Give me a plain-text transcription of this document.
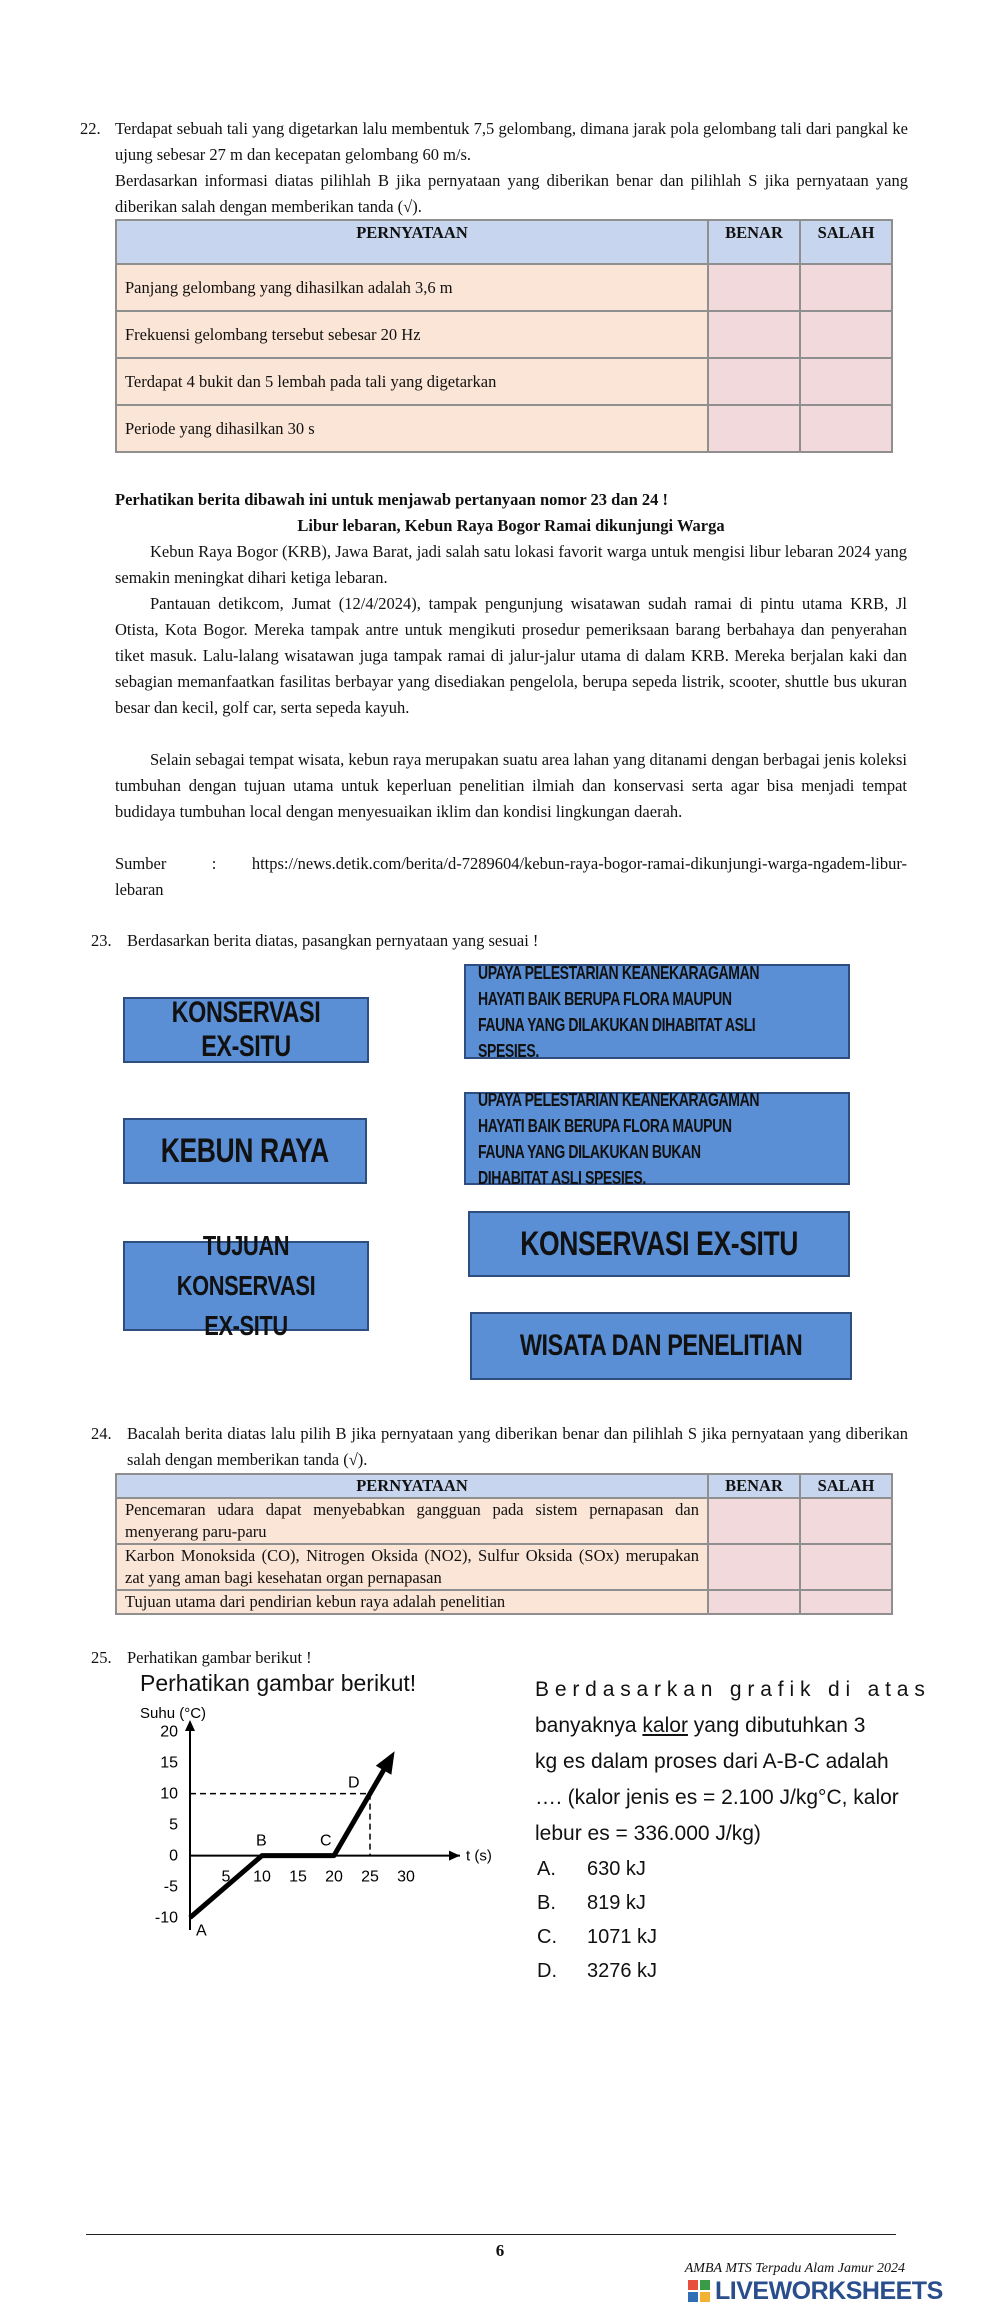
22. Terdapat sebuah tali yang digetarkan lalu membentuk 7,5 gelombang, dimana jarak pola gelombang tali dari pangkal ke ujung sebesar 27 m dan kecepatan gelombang 60 m/s.
Berdasarkan informasi diatas pilihlah B jika pernyataan yang diberikan benar dan pilihlah S jika pernyataan yang diberikan salah dengan memberikan tanda (√).
PERNYATAAN	BENAR	SALAH
Panjang gelombang yang dihasilkan adalah 3,6 m		
Frekuensi gelombang tersebut sebesar 20 Hz		
Terdapat 4 bukit dan 5 lembah pada tali yang digetarkan		
Periode yang dihasilkan 30 s		
Perhatikan berita dibawah ini untuk menjawab pertanyaan nomor 23 dan 24 !
Libur lebaran, Kebun Raya Bogor Ramai dikunjungi Warga
Kebun Raya Bogor (KRB), Jawa Barat, jadi salah satu lokasi favorit warga untuk mengisi libur lebaran 2024 yang semakin meningkat dihari ketiga lebaran.
Pantauan detikcom, Jumat (12/4/2024), tampak pengunjung wisatawan sudah ramai di pintu utama KRB, Jl Otista, Kota Bogor. Mereka tampak antre untuk mengikuti prosedur pemeriksaan barang berbahaya dan penyerahan tiket masuk. Lalu-lalang wisatawan juga tampak ramai di jalur-jalur utama di dalam KRB. Mereka berjalan kaki dan sebagian memanfaatkan fasilitas berbayar yang disediakan pengelola, berupa sepeda listrik, scooter, shuttle bus ukuran besar dan kecil, golf car, serta sepeda kayuh.
Selain sebagai tempat wisata, kebun raya merupakan suatu area lahan yang ditanami dengan berbagai jenis koleksi tumbuhan dengan tujuan utama untuk keperluan penelitian ilmiah dan konservasi serta agar bisa menjadi tempat budidaya tumbuhan local dengan menyesuaikan iklim dan kondisi lingkungan daerah.
Sumber	: https://news.detik.com/berita/d-7289604/kebun-raya-bogor-ramai-dikunjungi-warga-ngadem-libur-lebaran
23. Berdasarkan berita diatas, pasangkan pernyataan yang sesuai !
KONSERVASI EX-SITU
KEBUN RAYA
TUJUAN KONSERVASI EX-SITU
UPAYA PELESTARIAN KEANEKARAGAMAN HAYATI BAIK BERUPA FLORA MAUPUN FAUNA YANG DILAKUKAN DIHABITAT ASLI SPESIES.
UPAYA PELESTARIAN KEANEKARAGAMAN HAYATI BAIK BERUPA FLORA MAUPUN FAUNA YANG DILAKUKAN BUKAN DIHABITAT ASLI SPESIES.
KONSERVASI EX-SITU
WISATA DAN PENELITIAN
24. Bacalah berita diatas lalu pilih B jika pernyataan yang diberikan benar dan pilihlah S jika pernyataan yang diberikan salah dengan memberikan tanda (√).
PERNYATAAN	BENAR	SALAH
Pencemaran udara dapat menyebabkan gangguan pada sistem pernapasan dan menyerang paru-paru		
Karbon Monoksida (CO), Nitrogen Oksida (NO2), Sulfur Oksida (SOx) merupakan zat yang aman bagi kesehatan organ pernapasan		
Tujuan utama dari pendirian kebun raya adalah penelitian		
25. Perhatikan gambar berikut !
Perhatikan gambar berikut!
Suhu (°C)
t (s)
20
15
10
5
0
-5
-10
5 10 15 20 25 30
A
B	C
D
B e r d a s a r k a n   g r a f i k   d i   a t a s
banyaknya kalor yang dibutuhkan 3
kg es dalam proses dari A-B-C adalah
…. (kalor jenis es = 2.100 J/kg°C, kalor
lebur es = 336.000 J/kg)
A. 630 kJ
B. 819 kJ
C. 1071 kJ
D. 3276 kJ
6
AMBA MTS Terpadu Alam Jamur 2024
LIVEWORKSHEETS
